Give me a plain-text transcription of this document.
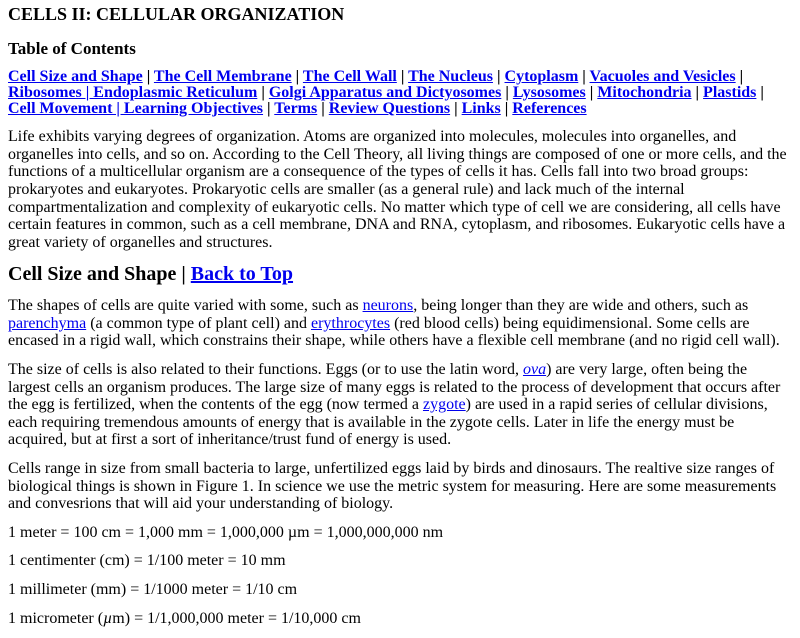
CELLS II: CELLULAR ORGANIZATION
Table of Contents

Cell Size and Shape | The Cell Membrane | The Cell Wall | The Nucleus | Cytoplasm | Vacuoles and Vesicles | Ribosomes | Endoplasmic Reticulum | Golgi Apparatus and Dictyosomes | Lysosomes | Mitochondria | Plastids | Cell Movement | Learning Objectives | Terms | Review Questions | Links | References

Life exhibits varying degrees of organization. Atoms are organized into molecules, molecules into organelles, and organelles into cells, and so on. According to the Cell Theory, all living things are composed of one or more cells, and the functions of a multicellular organism are a consequence of the types of cells it has. Cells fall into two broad groups: prokaryotes and eukaryotes. Prokaryotic cells are smaller (as a general rule) and lack much of the internal compartmentalization and complexity of eukaryotic cells. No matter which type of cell we are considering, all cells have certain features in common, such as a cell membrane, DNA and RNA, cytoplasm, and ribosomes. Eukaryotic cells have a great variety of organelles and structures.

Cell Size and Shape | Back to Top

The shapes of cells are quite varied with some, such as neurons, being longer than they are wide and others, such as parenchyma (a common type of plant cell) and erythrocytes (red blood cells) being equidimensional. Some cells are encased in a rigid wall, which constrains their shape, while others have a flexible cell membrane (and no rigid cell wall).

The size of cells is also related to their functions. Eggs (or to use the latin word, ova) are very large, often being the largest cells an organism produces. The large size of many eggs is related to the process of development that occurs after the egg is fertilized, when the contents of the egg (now termed a zygote) are used in a rapid series of cellular divisions, each requiring tremendous amounts of energy that is available in the zygote cells. Later in life the energy must be acquired, but at first a sort of inheritance/trust fund of energy is used.

Cells range in size from small bacteria to large, unfertilized eggs laid by birds and dinosaurs. The realtive size ranges of biological things is shown in Figure 1. In science we use the metric system for measuring. Here are some measurements and convesrions that will aid your understanding of biology.

1 meter = 100 cm = 1,000 mm = 1,000,000 µm = 1,000,000,000 nm

1 centimenter (cm) = 1/100 meter = 10 mm

1 millimeter (mm) = 1/1000 meter = 1/10 cm

1 micrometer (µm) = 1/1,000,000 meter = 1/10,000 cm
